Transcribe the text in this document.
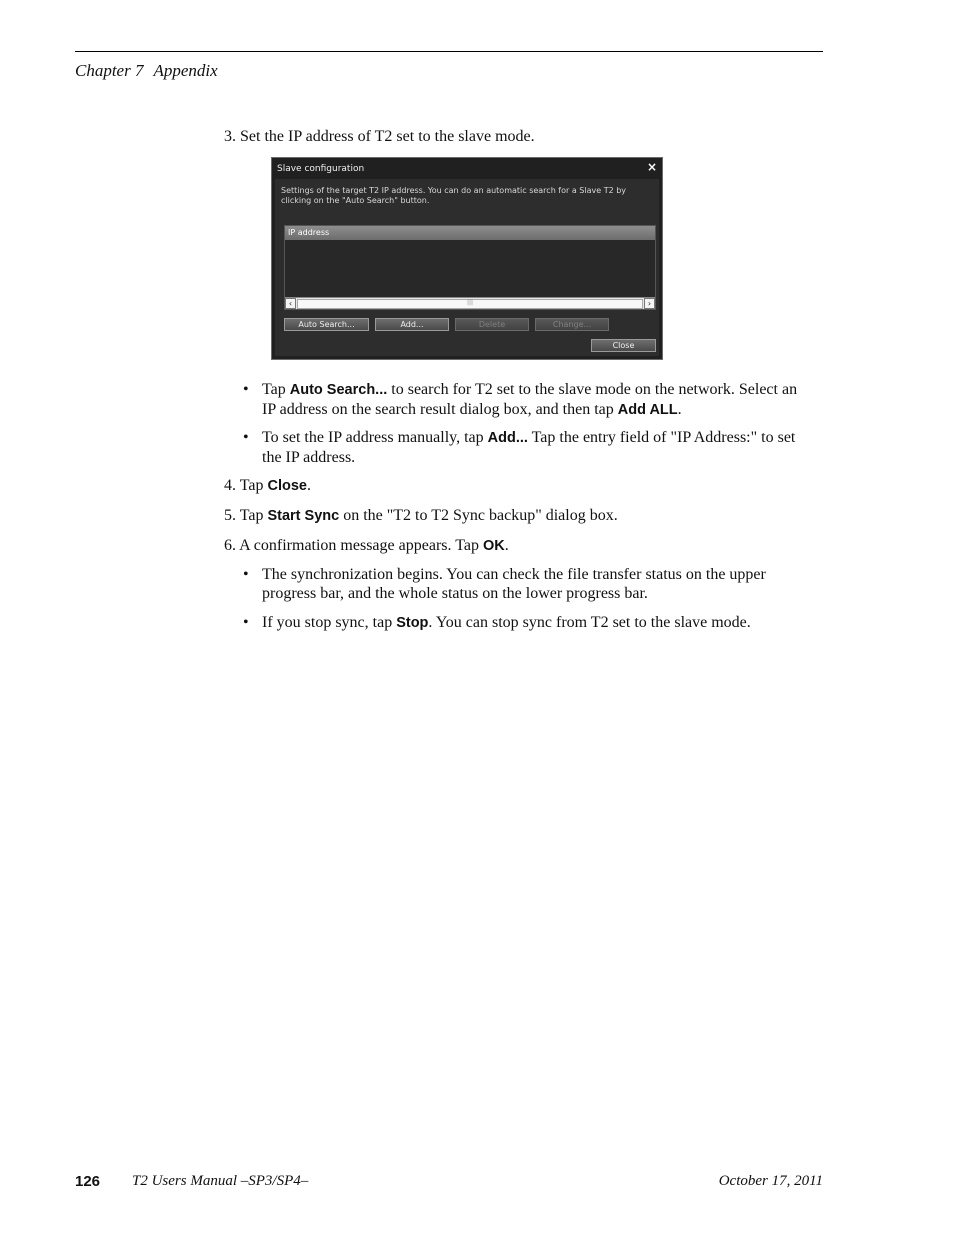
Chapter 7 Appendix
3. Set the IP address of T2 set to the slave mode.
Slave configuration	×
Settings of the target T2 IP address. You can do an automatic search for a Slave T2 by clicking on the "Auto Search" button.
IP address
‹	|||	›
Auto Search...	Add...	Delete	Change...
Close
• Tap Auto Search... to search for T2 set to the slave mode on the network. Select an IP address on the search result dialog box, and then tap Add ALL.
• To set the IP address manually, tap Add... Tap the entry field of "IP Address:" to set the IP address.
4. Tap Close.
5. Tap Start Sync on the "T2 to T2 Sync backup" dialog box.
6. A confirmation message appears. Tap OK.
• The synchronization begins. You can check the file transfer status on the upper progress bar, and the whole status on the lower progress bar.
• If you stop sync, tap Stop. You can stop sync from T2 set to the slave mode.
126 T2 Users Manual –SP3/SP4–	October 17, 2011
